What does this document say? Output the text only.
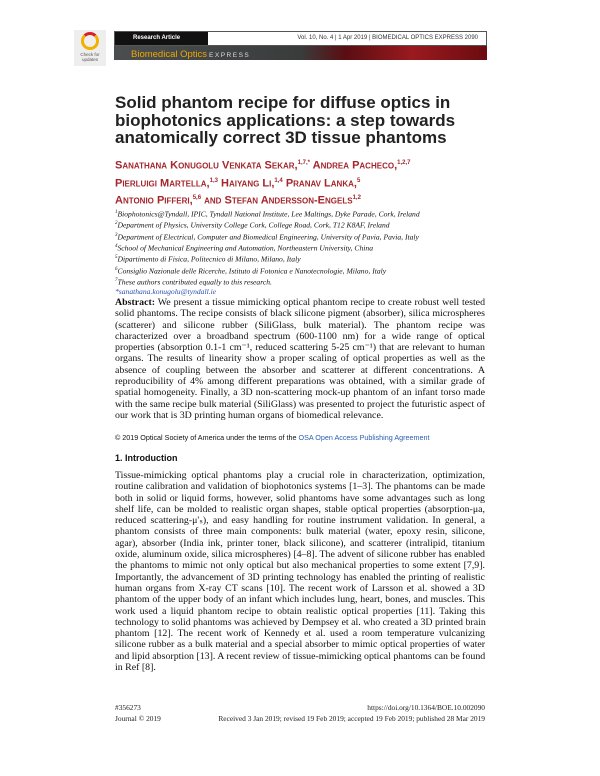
Check for updates
Research Article	Vol. 10, No. 4 | 1 Apr 2019 | BIOMEDICAL OPTICS EXPRESS 2090
Biomedical Optics EXPRESS
Solid phantom recipe for diffuse optics in biophotonics applications: a step towards anatomically correct 3D tissue phantoms
Sanathana Konugolu Venkata Sekar,$^{1,7,*}$ Andrea Pacheco,$^{1,2,7}$
Pierluigi Martella,$^{1,3}$ Haiyang Li,$^{1,4}$ Pranav Lanka,$^5$
Antonio Pifferi,$^{5,6}$ and Stefan Andersson-Engels$^{1,2}$
$^1$Biophotonics@Tyndall, IPIC, Tyndall National Institute, Lee Maltings, Dyke Parade, Cork, Ireland
$^2$Department of Physics, University College Cork, College Road, Cork, T12 K8AF, Ireland
$^3$Department of Electrical, Computer and Biomedical Engineering, University of Pavia, Pavia, Italy
$^4$School of Mechanical Engineering and Automation, Northeastern University, China
$^5$Dipartimento di Fisica, Politecnico di Milano, Milano, Italy
$^6$Consiglio Nazionale delle Ricerche, Istituto di Fotonica e Nanotecnologie, Milano, Italy
$^7$These authors contributed equally to this research.
*sanathana.konugolu@tyndall.ie
Abstract: We present a tissue mimicking optical phantom recipe to create robust well tested
solid phantoms. The recipe consists of black silicone pigment (absorber), silica microspheres
(scatterer) and silicone rubber (SiliGlass, bulk material). The phantom recipe was
characterized over a broadband spectrum (600-1100 nm) for a wide range of optical
properties (absorption 0.1-1 cm⁻¹, reduced scattering 5-25 cm⁻¹) that are relevant to human
organs. The results of linearity show a proper scaling of optical properties as well as the
absence of coupling between the absorber and scatterer at different concentrations. A
reproducibility of 4% among different preparations was obtained, with a similar grade of
spatial homogeneity. Finally, a 3D non-scattering mock-up phantom of an infant torso made
with the same recipe bulk material (SiliGlass) was presented to project the futuristic aspect of
our work that is 3D printing human organs of biomedical relevance.
© 2019 Optical Society of America under the terms of the OSA Open Access Publishing Agreement
1. Introduction
Tissue-mimicking optical phantoms play a crucial role in characterization, optimization,
routine calibration and validation of biophotonics systems [1–3]. The phantoms can be made
both in solid or liquid forms, however, solid phantoms have some advantages such as long
shelf life, can be molded to realistic organ shapes, stable optical properties (absorption-μa,
reduced scattering-μ'ₛ), and easy handling for routine instrument validation. In general, a
phantom consists of three main components: bulk material (water, epoxy resin, silicone,
agar), absorber (India ink, printer toner, black silicone), and scatterer (intralipid, titanium
oxide, aluminum oxide, silica microspheres) [4–8]. The advent of silicone rubber has enabled
the phantoms to mimic not only optical but also mechanical properties to some extent [7,9].
Importantly, the advancement of 3D printing technology has enabled the printing of realistic
human organs from X-ray CT scans [10]. The recent work of Larsson et al. showed a 3D
phantom of the upper body of an infant which includes lung, heart, bones, and muscles. This
work used a liquid phantom recipe to obtain realistic optical properties [11]. Taking this
technology to solid phantoms was achieved by Dempsey et al. who created a 3D printed brain
phantom [12]. The recent work of Kennedy et al. used a room temperature vulcanizing
silicone rubber as a bulk material and a special absorber to mimic optical properties of water
and lipid absorption [13]. A recent review of tissue-mimicking optical phantoms can be found
in Ref [8].
#356273
Journal © 2019
https://doi.org/10.1364/BOE.10.002090
Received 3 Jan 2019; revised 19 Feb 2019; accepted 19 Feb 2019; published 28 Mar 2019
